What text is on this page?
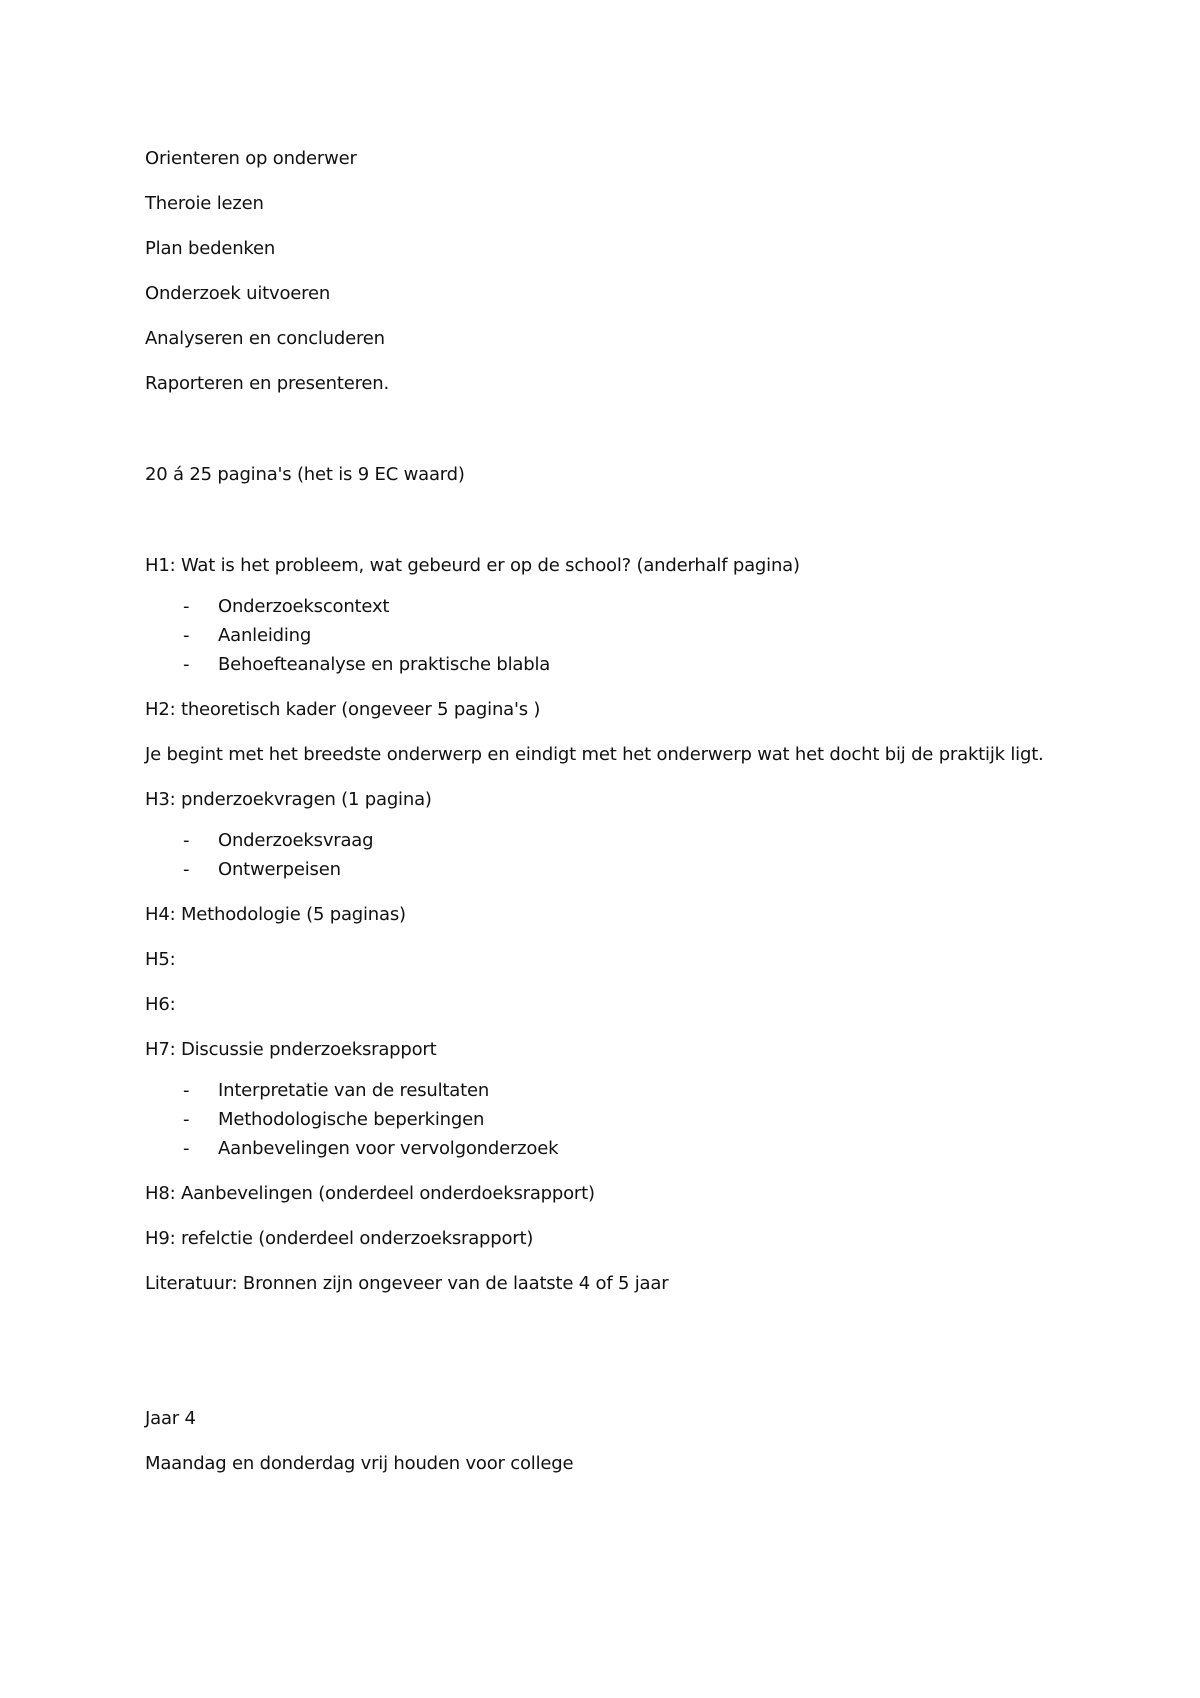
Orienteren op onderwer
Theroie lezen
Plan bedenken
Onderzoek uitvoeren
Analyseren en concluderen
Raporteren en presenteren.
20 á 25 pagina's (het is 9 EC waard)
H1: Wat is het probleem, wat gebeurd er op de school? (anderhalf pagina)
- Onderzoekscontext
- Aanleiding
- Behoefteanalyse en praktische blabla
H2: theoretisch kader (ongeveer 5 pagina's )
Je begint met het breedste onderwerp en eindigt met het onderwerp wat het docht bij de praktijk ligt.
H3: pnderzoekvragen (1 pagina)
- Onderzoeksvraag
- Ontwerpeisen
H4: Methodologie (5 paginas)
H5:
H6:
H7: Discussie pnderzoeksrapport
- Interpretatie van de resultaten
- Methodologische beperkingen
- Aanbevelingen voor vervolgonderzoek
H8: Aanbevelingen (onderdeel onderdoeksrapport)
H9: refelctie (onderdeel onderzoeksrapport)
Literatuur: Bronnen zijn ongeveer van de laatste 4 of 5 jaar
Jaar 4
Maandag en donderdag vrij houden voor college
